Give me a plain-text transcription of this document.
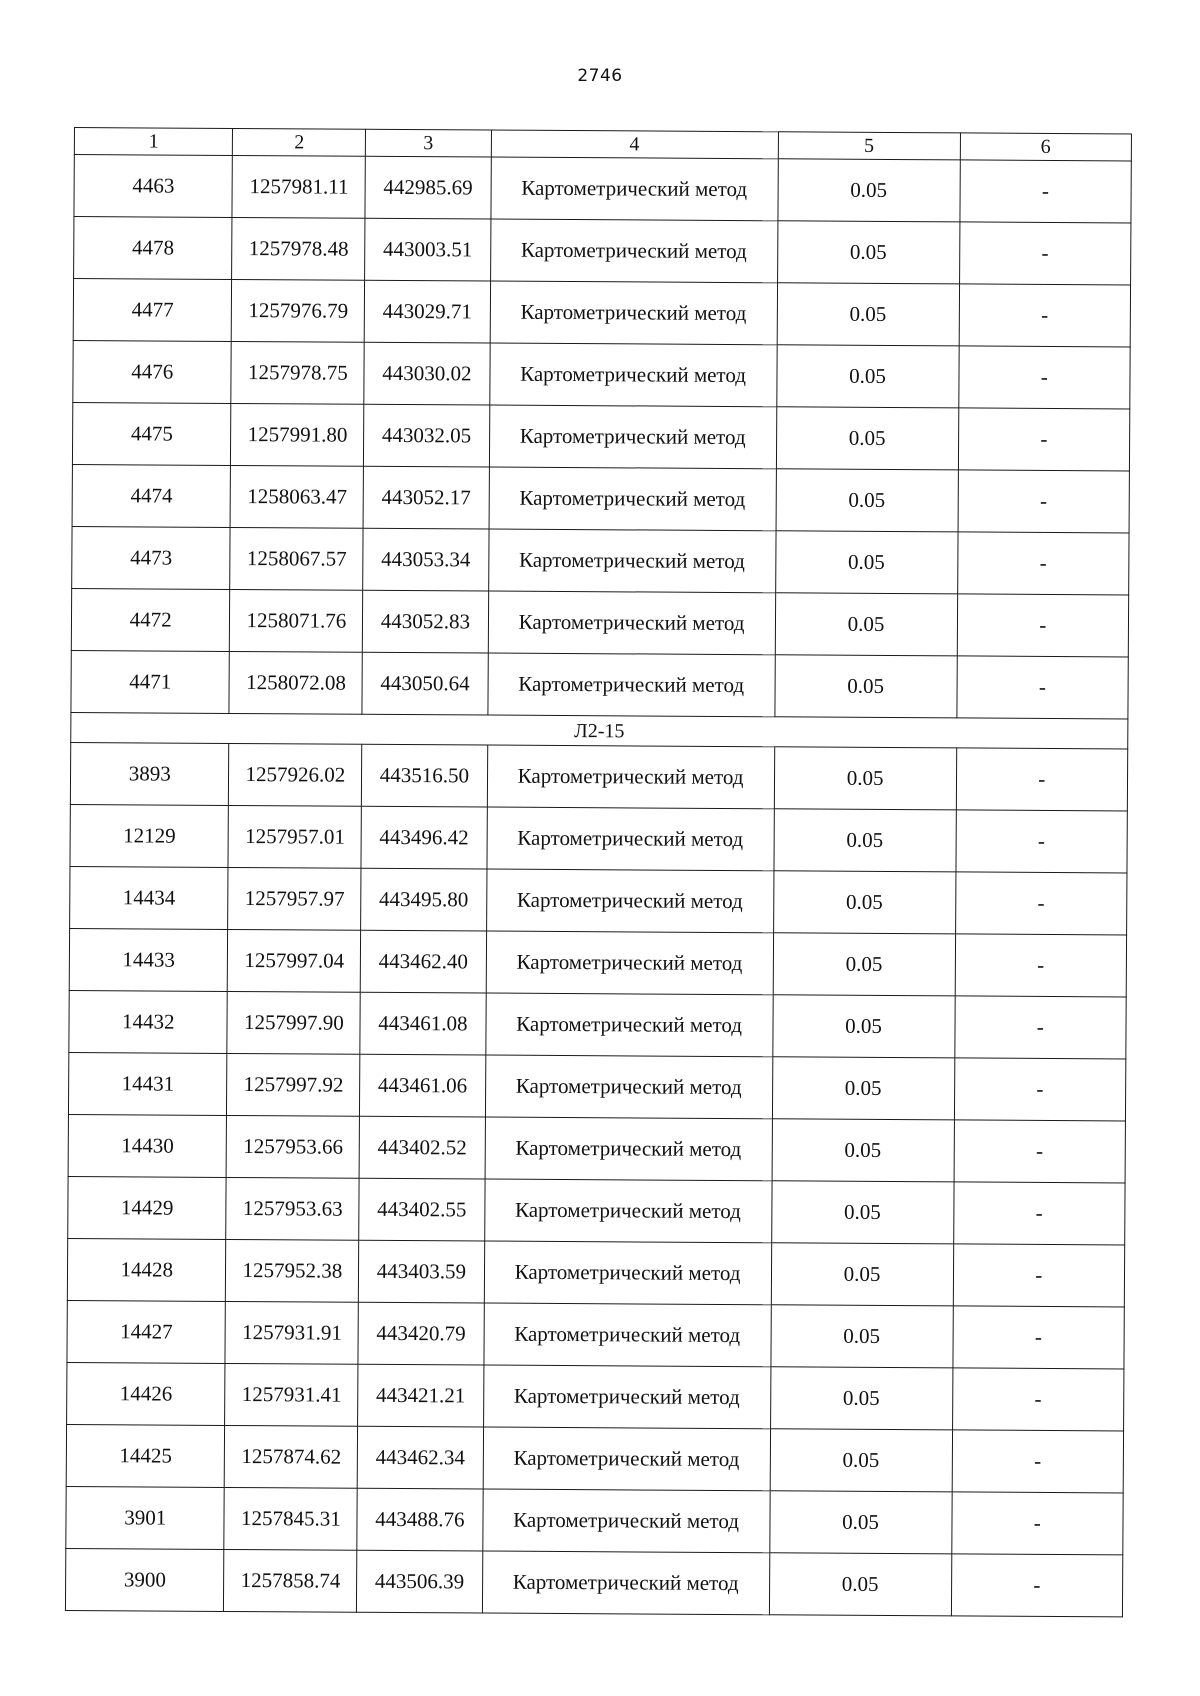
2746
1	2	3	4	5	6
4463	1257981.11	442985.69	Картометрический метод	0.05	-
4478	1257978.48	443003.51	Картометрический метод	0.05	-
4477	1257976.79	443029.71	Картометрический метод	0.05	-
4476	1257978.75	443030.02	Картометрический метод	0.05	-
4475	1257991.80	443032.05	Картометрический метод	0.05	-
4474	1258063.47	443052.17	Картометрический метод	0.05	-
4473	1258067.57	443053.34	Картометрический метод	0.05	-
4472	1258071.76	443052.83	Картометрический метод	0.05	-
4471	1258072.08	443050.64	Картометрический метод	0.05	-
Л2-15					
3893	1257926.02	443516.50	Картометрический метод	0.05	-
12129	1257957.01	443496.42	Картометрический метод	0.05	-
14434	1257957.97	443495.80	Картометрический метод	0.05	-
14433	1257997.04	443462.40	Картометрический метод	0.05	-
14432	1257997.90	443461.08	Картометрический метод	0.05	-
14431	1257997.92	443461.06	Картометрический метод	0.05	-
14430	1257953.66	443402.52	Картометрический метод	0.05	-
14429	1257953.63	443402.55	Картометрический метод	0.05	-
14428	1257952.38	443403.59	Картометрический метод	0.05	-
14427	1257931.91	443420.79	Картометрический метод	0.05	-
14426	1257931.41	443421.21	Картометрический метод	0.05	-
14425	1257874.62	443462.34	Картометрический метод	0.05	-
3901	1257845.31	443488.76	Картометрический метод	0.05	-
3900	1257858.74	443506.39	Картометрический метод	0.05	-
